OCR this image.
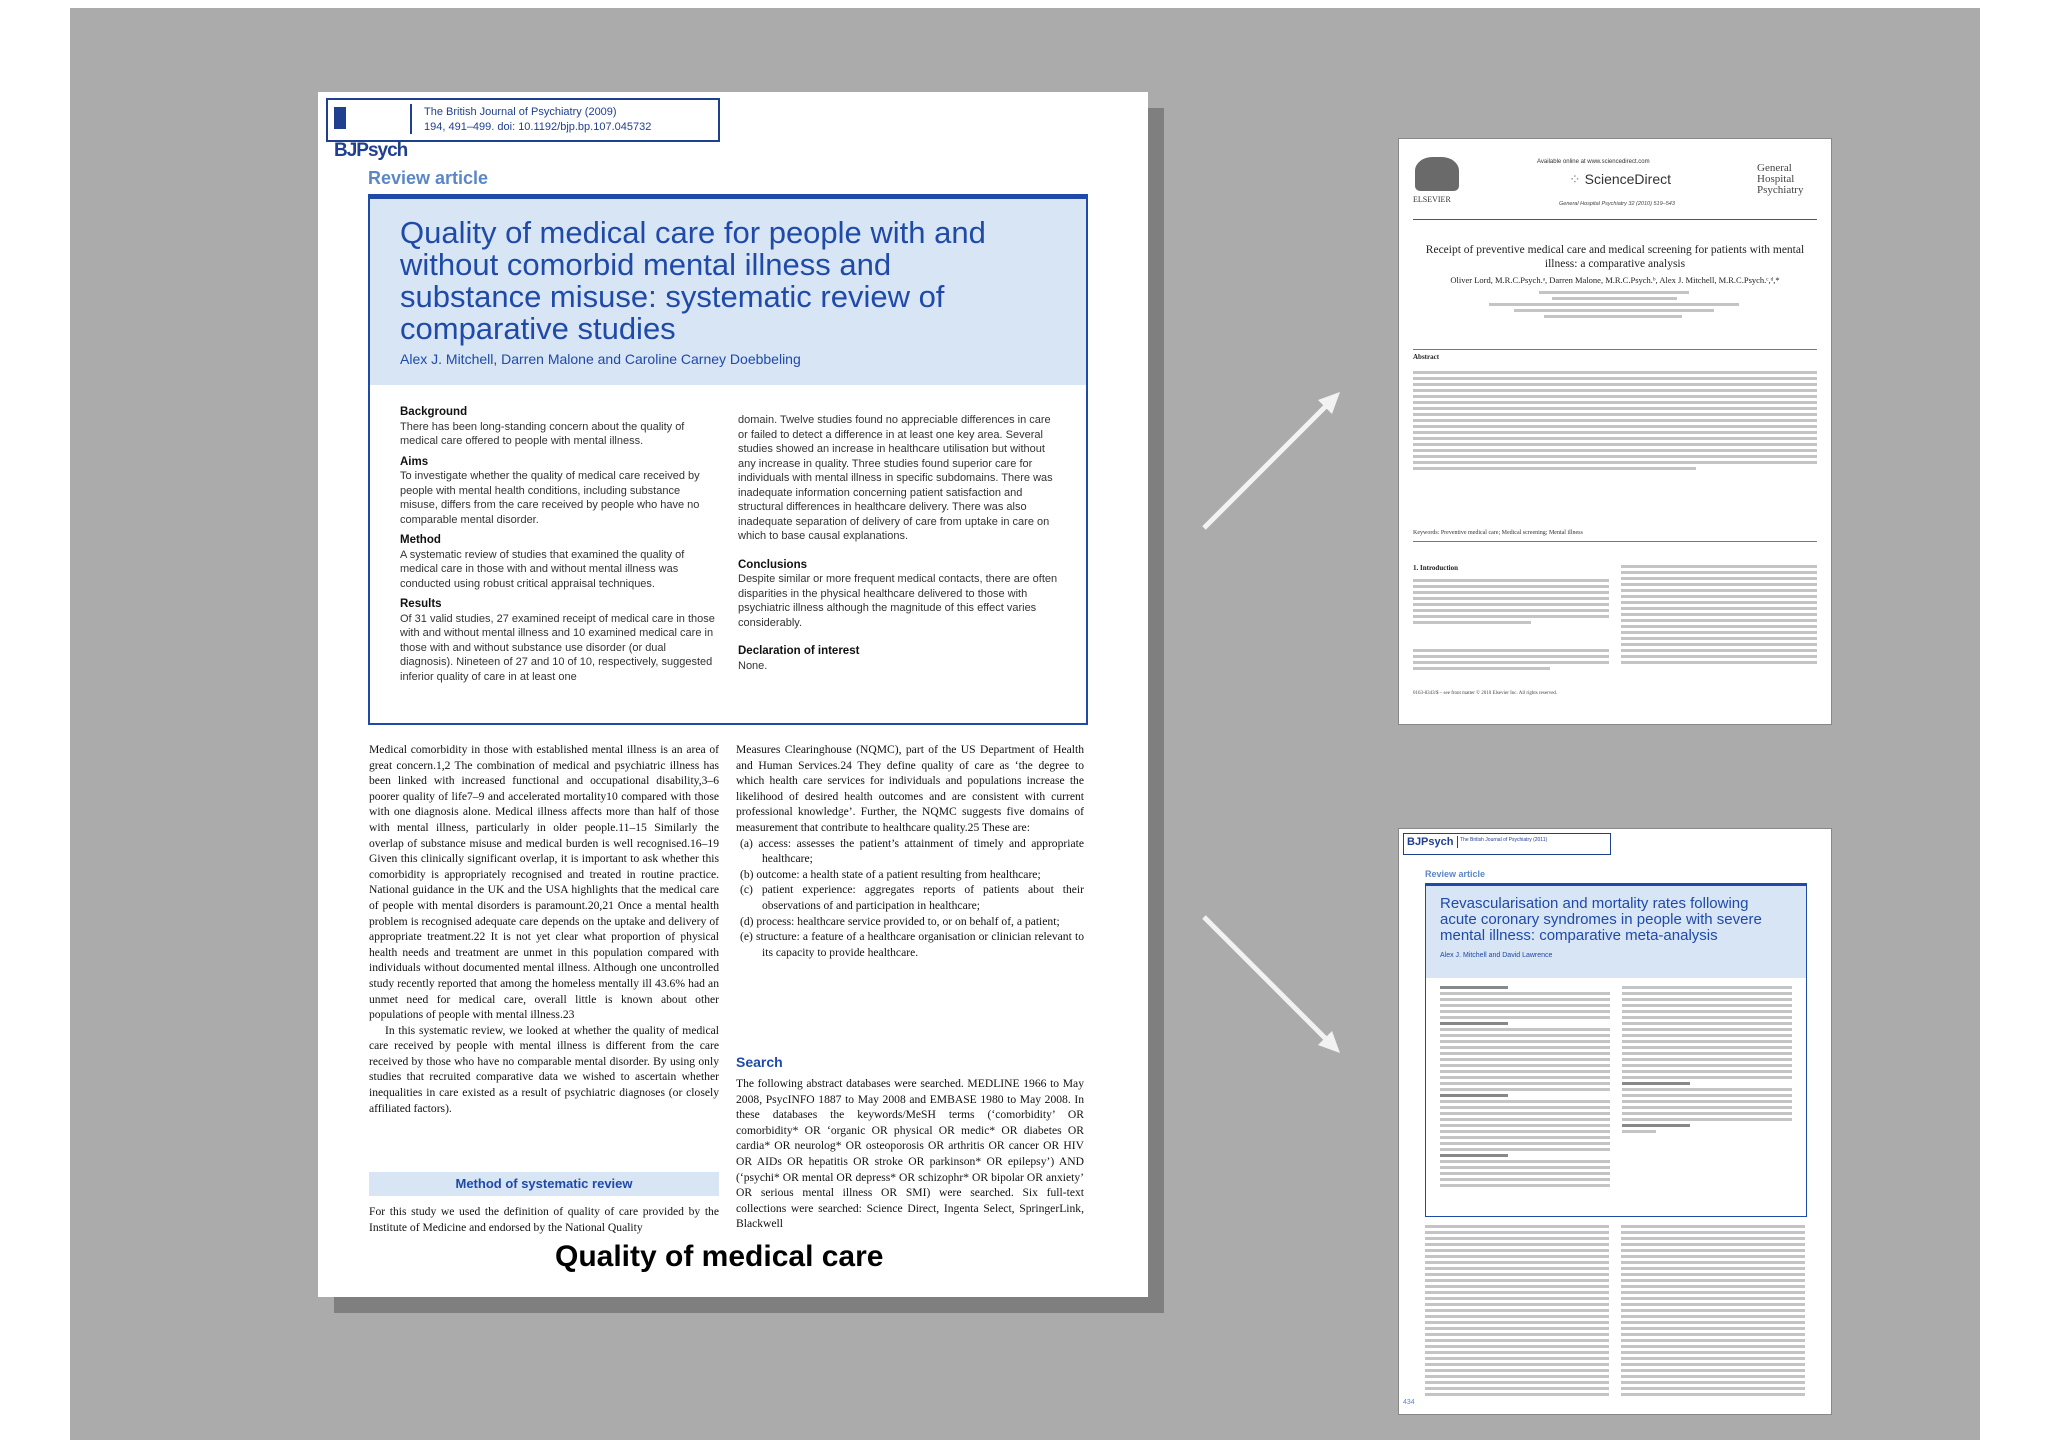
BJPsych
The British Journal of Psychiatry (2009)
194, 491–499. doi: 10.1192/bjp.bp.107.045732
Review article
Quality of medical care for people with and without comorbid mental illness and substance misuse: systematic review of comparative studies
Alex J. Mitchell, Darren Malone and Caroline Carney Doebbeling
Background

There has been long-standing concern about the quality of medical care offered to people with mental illness.

Aims

To investigate whether the quality of medical care received by people with mental health conditions, including substance misuse, differs from the care received by people who have no comparable mental disorder.

Method

A systematic review of studies that examined the quality of medical care in those with and without mental illness was conducted using robust critical appraisal techniques.

Results

Of 31 valid studies, 27 examined receipt of medical care in those with and without mental illness and 10 examined medical care in those with and without substance use disorder (or dual diagnosis). Nineteen of 27 and 10 of 10, respectively, suggested inferior quality of care in at least one

domain. Twelve studies found no appreciable differences in care or failed to detect a difference in at least one key area. Several studies showed an increase in healthcare utilisation but without any increase in quality. Three studies found superior care for individuals with mental illness in specific subdomains. There was inadequate information concerning patient satisfaction and structural differences in healthcare delivery. There was also inadequate separation of delivery of care from uptake in care on which to base causal explanations.

Conclusions

Despite similar or more frequent medical contacts, there are often disparities in the physical healthcare delivered to those with psychiatric illness although the magnitude of this effect varies considerably.

Declaration of interest

None.

Medical comorbidity in those with established mental illness is an area of great concern.1,2 The combination of medical and psychiatric illness has been linked with increased functional and occupational disability,3–6 poorer quality of life7–9 and accelerated mortality10 compared with those with one diagnosis alone. Medical illness affects more than half of those with mental illness, particularly in older people.11–15 Similarly the overlap of substance misuse and medical burden is well recognised.16–19 Given this clinically significant overlap, it is important to ask whether this comorbidity is appropriately recognised and treated in routine practice. National guidance in the UK and the USA highlights that the medical care of people with mental disorders is paramount.20,21 Once a mental health problem is recognised adequate care depends on the uptake and delivery of appropriate treatment.22 It is not yet clear what proportion of physical health needs and treatment are unmet in this population compared with individuals without documented mental illness. Although one uncontrolled study recently reported that among the homeless mentally ill 43.6% had an unmet need for medical care, overall little is known about other populations of people with mental illness.23

In this systematic review, we looked at whether the quality of medical care received by people with mental illness is different from the care received by those who have no comparable mental disorder. By using only studies that recruited comparative data we wished to ascertain whether inequalities in care existed as a result of psychiatric diagnoses (or closely affiliated factors).

Method of systematic review

For this study we used the definition of quality of care provided by the Institute of Medicine and endorsed by the National Quality

Measures Clearinghouse (NQMC), part of the US Department of Health and Human Services.24 They define quality of care as ‘the degree to which health care services for individuals and populations increase the likelihood of desired health outcomes and are consistent with current professional knowledge’. Further, the NQMC suggests five domains of measurement that contribute to healthcare quality.25 These are:

(a) access: assesses the patient’s attainment of timely and appropriate healthcare;

(b) outcome: a health state of a patient resulting from healthcare;

(c) patient experience: aggregates reports of patients about their observations of and participation in healthcare;

(d) process: healthcare service provided to, or on behalf of, a patient;

(e) structure: a feature of a healthcare organisation or clinician relevant to its capacity to provide healthcare.

Search

The following abstract databases were searched. MEDLINE 1966 to May 2008, PsycINFO 1887 to May 2008 and EMBASE 1980 to May 2008. In these databases the keywords/MeSH terms (‘comorbidity’ OR comorbidity* OR ‘organic OR physical OR medic* OR diabetes OR cardia* OR neurolog* OR osteoporosis OR arthritis OR cancer OR HIV OR AIDs OR hepatitis OR stroke OR parkinson* OR epilepsy’) AND (‘psychi* OR mental OR depress* OR schizophr* OR bipolar OR anxiety’ OR serious mental illness OR SMI) were searched. Six full-text collections were searched: Science Direct, Ingenta Select, SpringerLink, Blackwell

Quality of medical care
ELSEVIER
Available online at www.sciencedirect.com
⁘ ScienceDirect
General Hospital Psychiatry 32 (2010) 519–543
General Hospital Psychiatry
Receipt of preventive medical care and medical screening for patients with mental illness: a comparative analysis
Oliver Lord, M.R.C.Psych.ᵃ, Darren Malone, M.R.C.Psych.ᵇ, Alex J. Mitchell, M.R.C.Psych.ᶜ,ᵈ,*
Abstract
Keywords: Preventive medical care; Medical screening; Mental illness
1. Introduction
0163-8343/$ – see front matter © 2010 Elsevier Inc. All rights reserved.
BJPsych	The British Journal of Psychiatry (2011)
Review article
Revascularisation and mortality rates following acute coronary syndromes in people with severe mental illness: comparative meta-analysis
Alex J. Mitchell and David Lawrence
434
